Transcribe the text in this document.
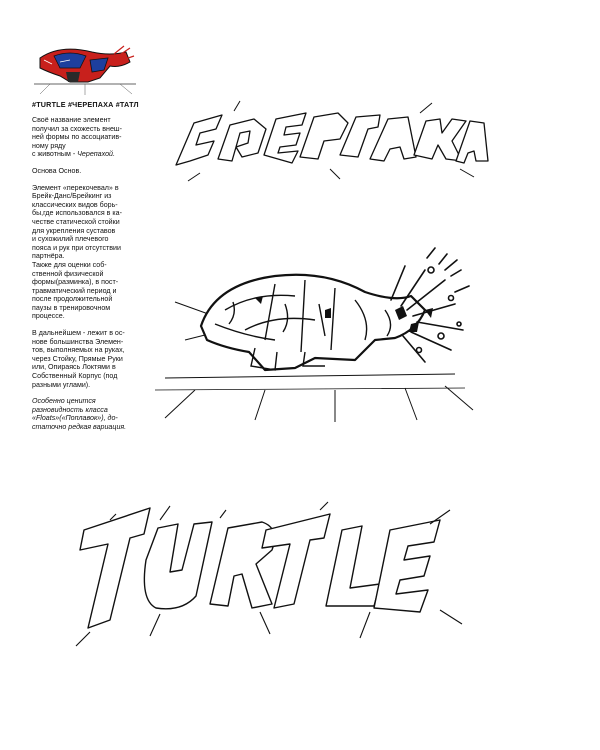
#TURTLE #ЧЕРЕПАХА #ТАТЛ

Своё название элемент
получил за схожесть внеш-
ней формы по ассоциатив-
ному ряду
с животным - Черепахой.

Основа Основ.

Элемент «перекочевал» в
Брейк-Данс/Брейкинг из
классических видов борь-
бы,где использовался в ка-
честве статической стойки
для укрепления суставов
и сухожилий плечевого
пояса и рук при отсутствии
партнёра.
Также для оценки соб-
ственной физической
формы(разминка), в пост-
травматический период и
после продолжительной
паузы в тренировочном
процессе.

В дальнейшем - лежит в ос-
нове большинства Элемен-
тов, выполняемых на руках,
через Стойку, Прямые Руки
или, Опираясь Локтями в
Собственный Корпус (под
разными углами).

Особенно ценится
разновидность класса
«Floats»(«Поплавок»), до-
статочно редкая вариация.
